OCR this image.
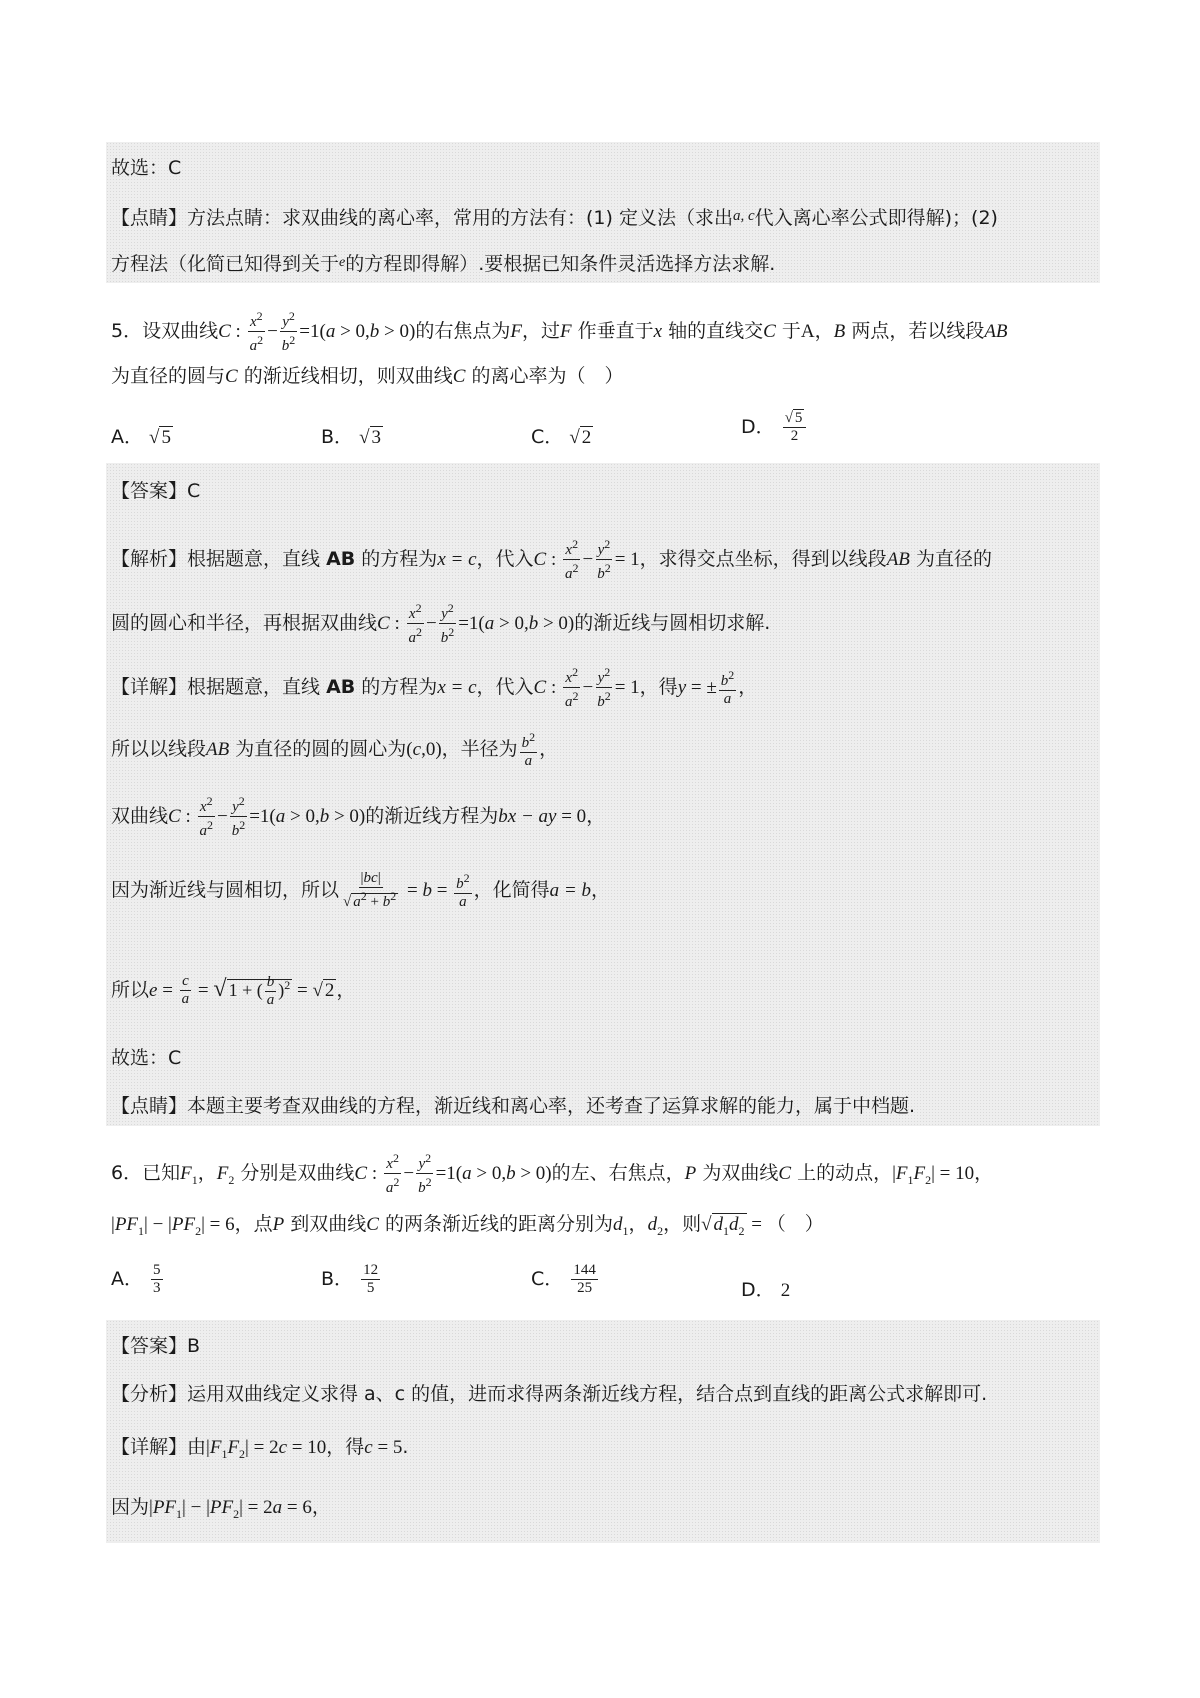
故选：C
【点睛】方法点睛：求双曲线的离心率，常用的方法有：(1) 定义法（求出$^{a, c}$代入离心率公式即得解)；(2)
方程法（化简已知得到关于$^e$的方程即得解）.要根据已知条件灵活选择方法求解.
5．设双曲线C : $\frac{x^2}{a^2} - \frac{y^2}{b^2} =1(a > 0,b > 0)$的右焦点为F，过F 作垂直于x 轴的直线交C 于A，B 两点，若以线段AB
为直径的圆与C 的渐近线相切，则双曲线C 的离心率为（　）
A． √ 5	B． √ 3	C． √ 2	D． $\frac{√ 5}{2}$
【答案】C
【解析】根据题意，直线 AB 的方程为x = c，代入C : $\frac{x^2}{a^2} - \frac{y^2}{b^2} = 1$，求得交点坐标，得到以线段AB 为直径的
圆的圆心和半径，再根据双曲线C : $\frac{x^2}{a^2} - \frac{y^2}{b^2} =1(a > 0,b > 0)$的渐近线与圆相切求解.
【详解】根据题意，直线 AB 的方程为x = c，代入C : $\frac{x^2}{a^2} - \frac{y^2}{b^2} = 1$，得y = ± $\frac{b^2}{a}$ ，
所以以线段AB 为直径的圆的圆心为(c,0)，半径为 $\frac{b^2}{a}$ ，
双曲线C : $\frac{x^2}{a^2} - \frac{y^2}{b^2} =1(a > 0,b > 0)$的渐近线方程为bx − ay = 0，
因为渐近线与圆相切，所以 $\frac{|bc|}{√ a^2 + b^2} = b = \frac{b^2}{a}$ ，化简得a = b，
所以$e = \frac{c}{a}$ = √ 1 + ( $\frac{b}{a} )^2$ = √ 2 ，
故选：C
【点睛】本题主要考查双曲线的方程，渐近线和离心率，还考查了运算求解的能力，属于中档题.
6．已知$F_1$，$F_2$ 分别是双曲线C : $\frac{x^2}{a^2} - \frac{y^2}{b^2} =1(a > 0,b > 0)$的左、右焦点，P 为双曲线C 上的动点，$|F_1F_2| = 10$，
$|PF_1| - |PF_2| = 6$，点P 到双曲线C 的两条渐近线的距离分别为$d_1$，$d_2$，则√ $d_1d_2$ = （　）
A． $\frac{5}{3}$	B． $\frac{12}{5}$	C． $\frac{144}{25}$	D． 2
【答案】B
【分析】运用双曲线定义求得 a、c 的值，进而求得两条渐近线方程，结合点到直线的距离公式求解即可.
【详解】由$|F_1F_2| = 2c = 10$，得c = 5.
因为$|PF_1| - |PF_2| = 2a = 6$，
